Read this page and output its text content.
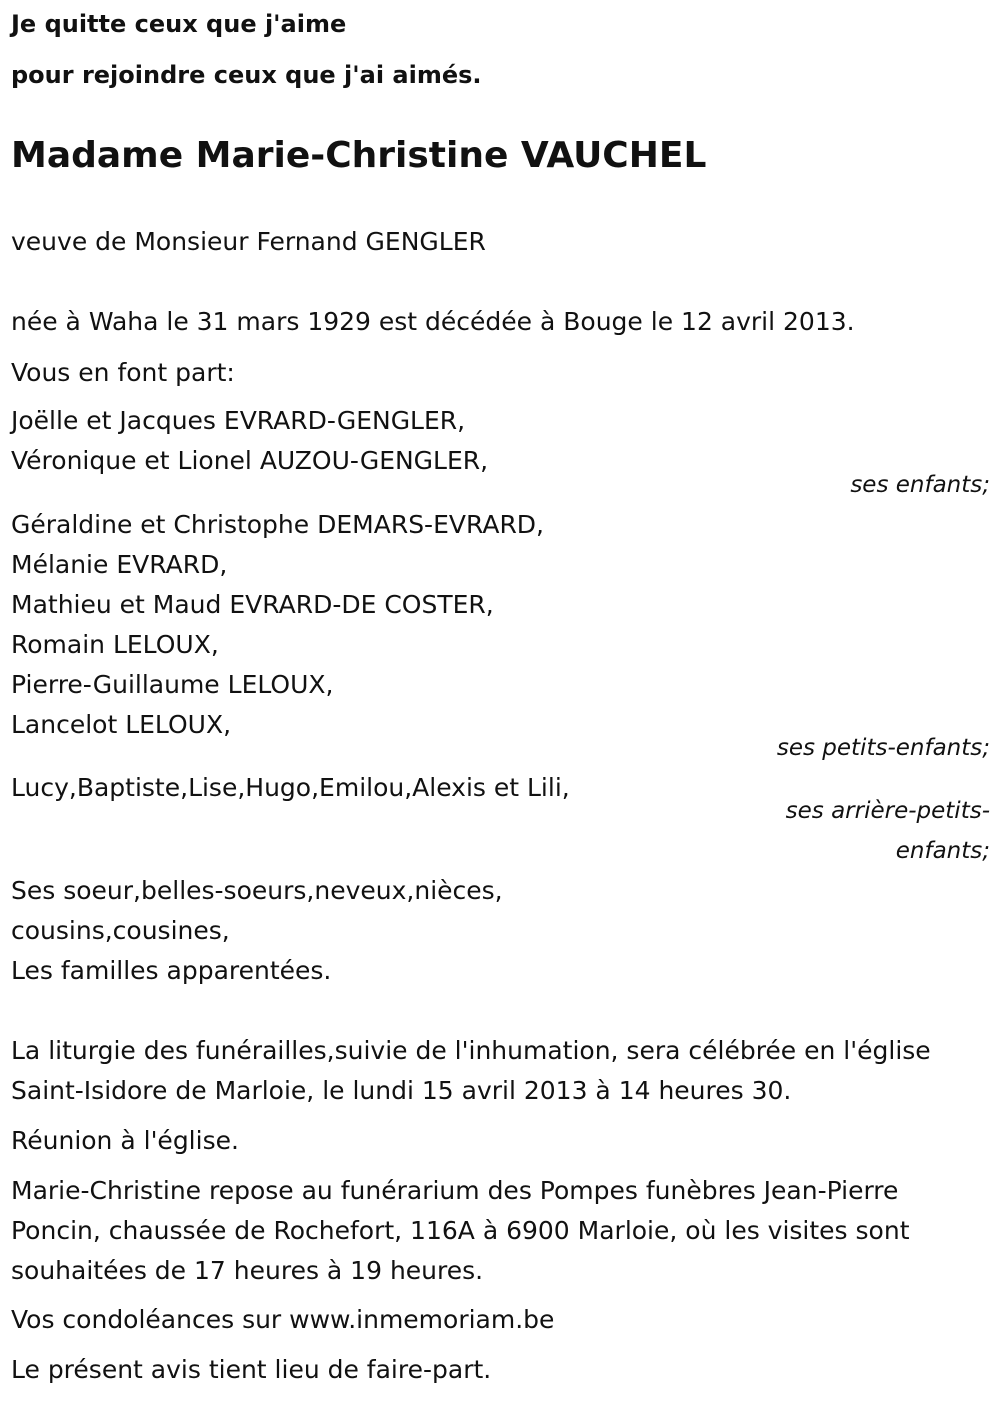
Je quitte ceux que j'aime
pour rejoindre ceux que j'ai aimés.
Madame Marie-Christine VAUCHEL
veuve de Monsieur Fernand GENGLER
née à Waha le 31 mars 1929 est décédée à Bouge le 12 avril 2013.
Vous en font part:
Joëlle et Jacques EVRARD-GENGLER,
Véronique et Lionel AUZOU-GENGLER,
ses enfants;
Géraldine et Christophe DEMARS-EVRARD,
Mélanie EVRARD,
Mathieu et Maud EVRARD-DE COSTER,
Romain LELOUX,
Pierre-Guillaume LELOUX,
Lancelot LELOUX,
ses petits-enfants;
Lucy,Baptiste,Lise,Hugo,Emilou,Alexis et Lili,
ses arrière-petits-
enfants;
Ses soeur,belles-soeurs,neveux,nièces,
cousins,cousines,
Les familles apparentées.
La liturgie des funérailles,suivie de l'inhumation, sera célébrée en l'église
Saint-Isidore de Marloie, le lundi 15 avril 2013 à 14 heures 30.
Réunion à l'église.
Marie-Christine repose au funérarium des Pompes funèbres Jean-Pierre
Poncin, chaussée de Rochefort, 116A à 6900 Marloie, où les visites sont
souhaitées de 17 heures à 19 heures.
Vos condoléances sur www.inmemoriam.be
Le présent avis tient lieu de faire-part.
